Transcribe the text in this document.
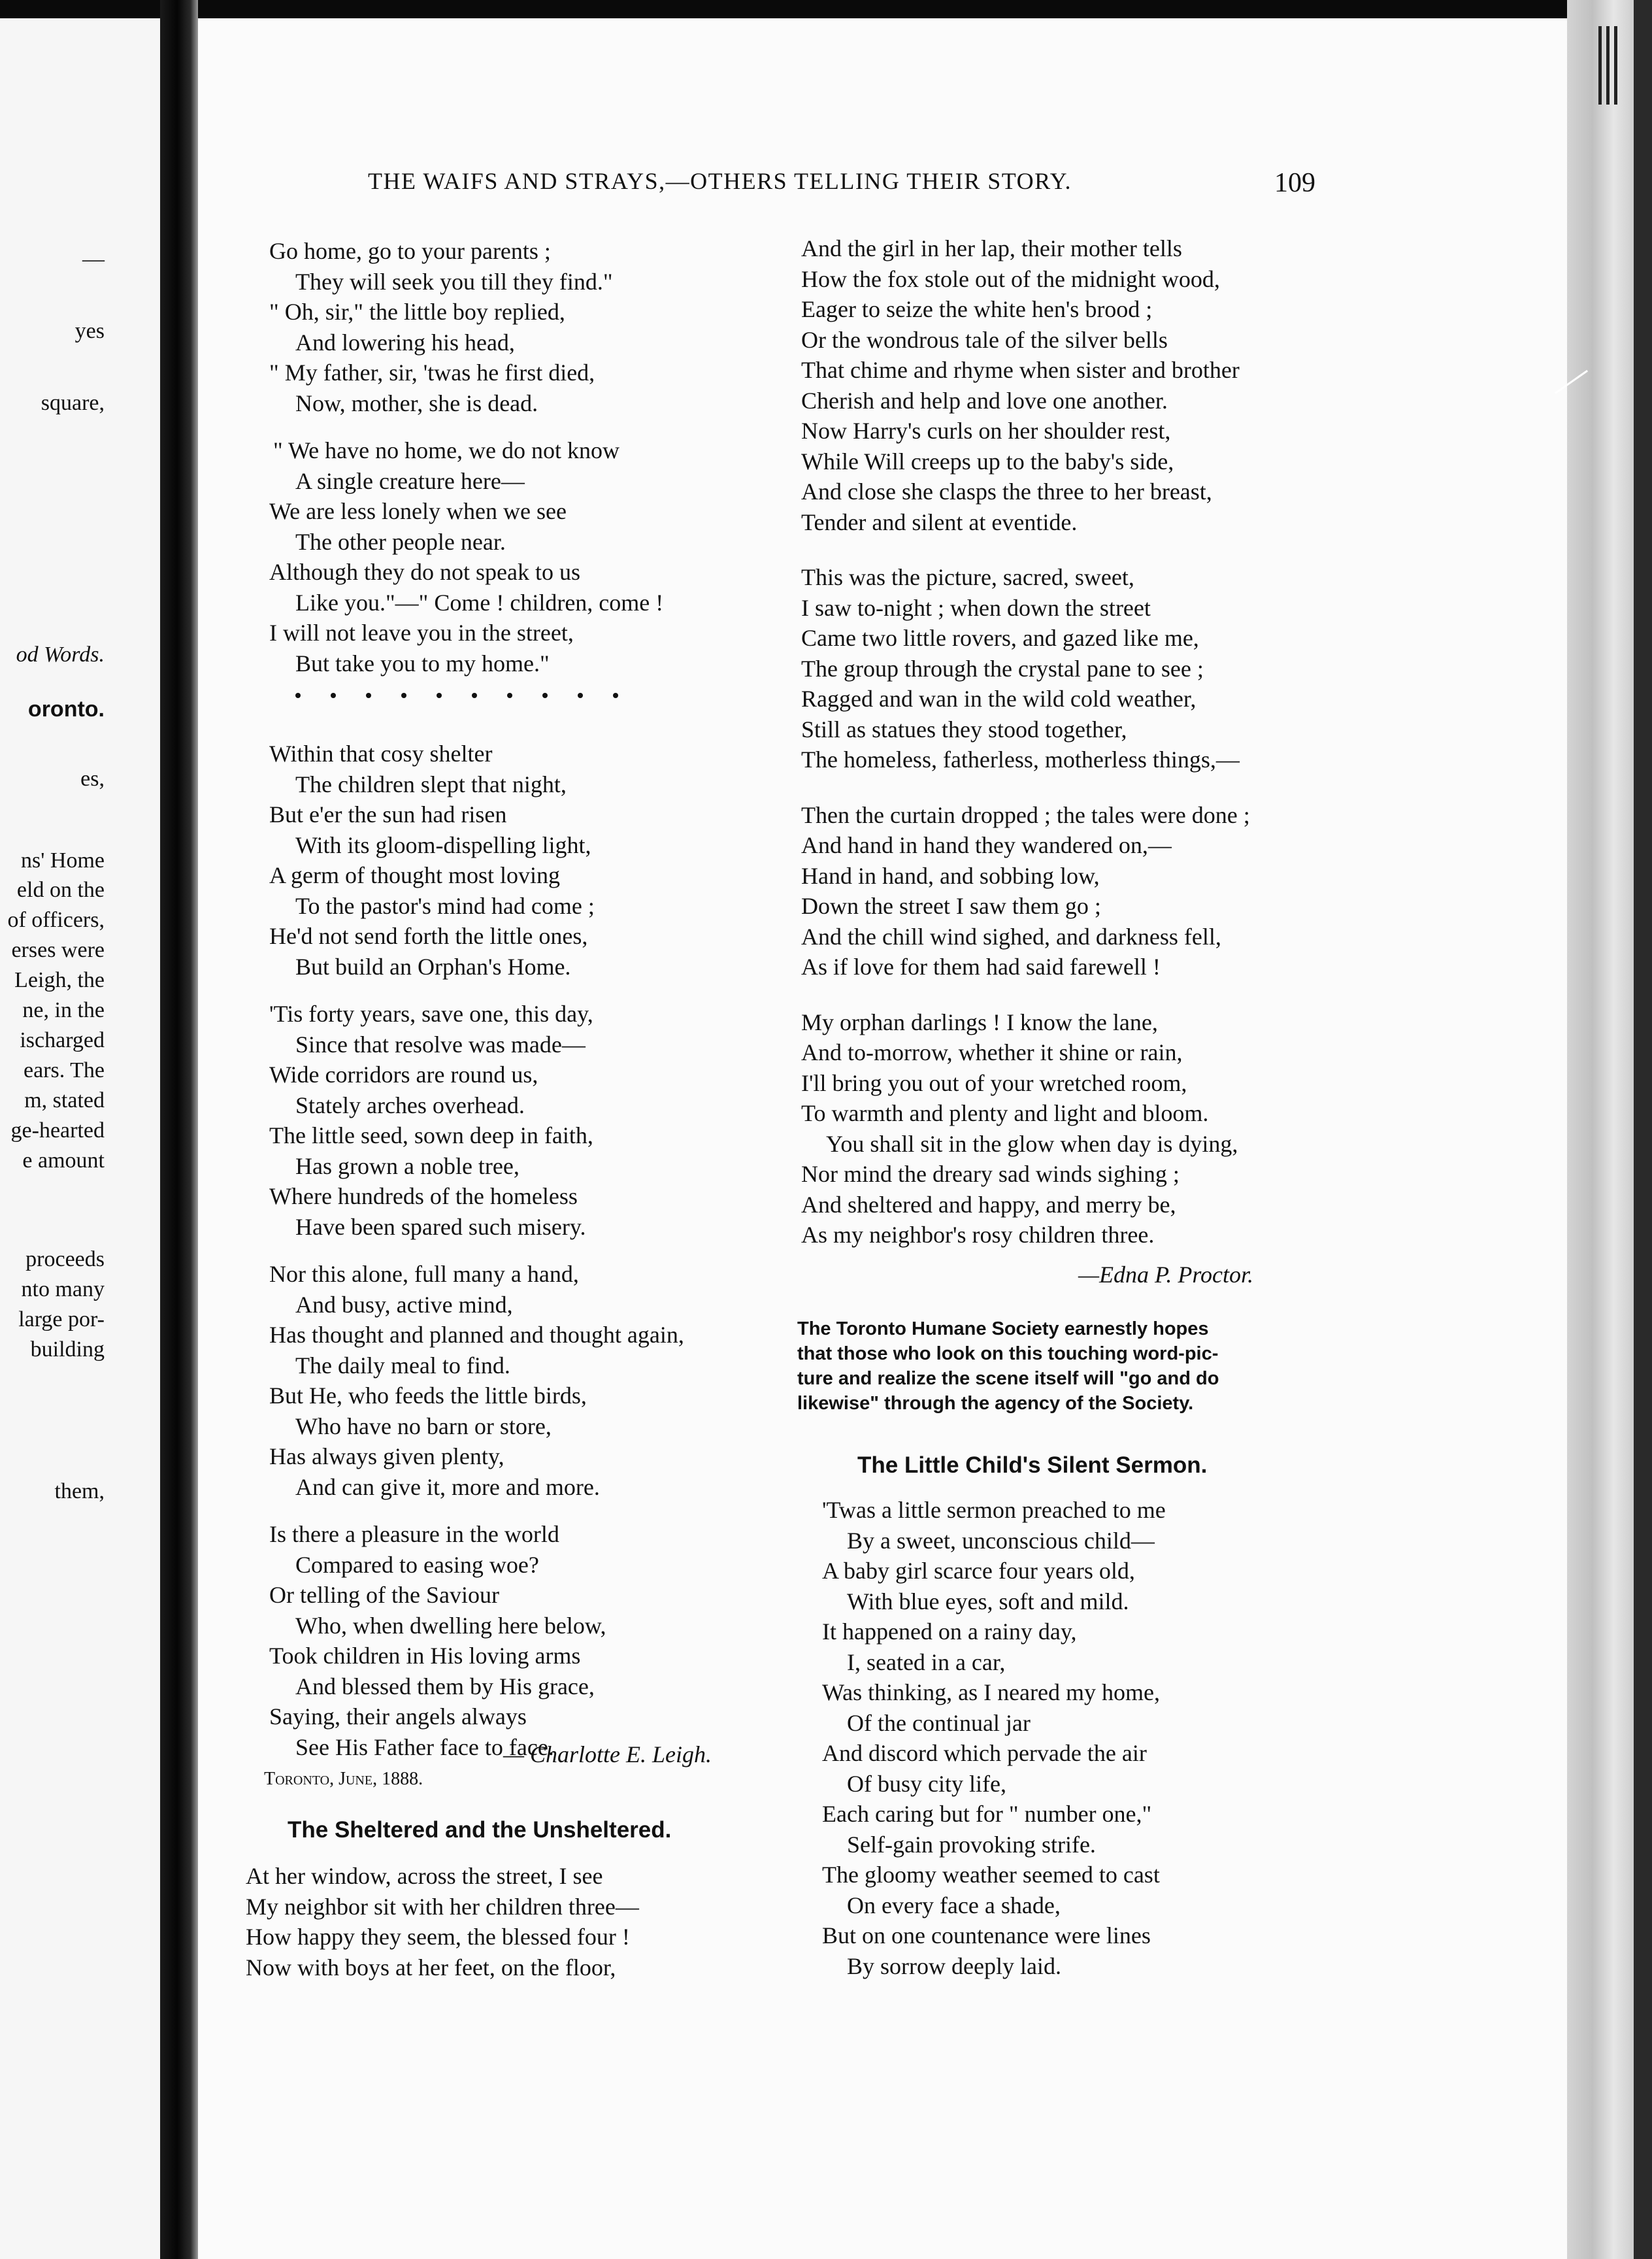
—
yes
square,
od Words.
oronto.
es,
ns' Home
eld on the
of officers,
erses were
Leigh, the
ne, in the
ischarged
ears. The
m, stated
ge-hearted
e amount
proceeds
nto many
large por-
building
them,
THE WAIFS AND STRAYS,—OTHERS TELLING THEIR STORY.	109
Go home, go to your parents ;
They will seek you till they find."
" Oh, sir," the little boy replied,
And lowering his head,
" My father, sir, 'twas he first died,
Now, mother, she is dead.
" We have no home, we do not know
A single creature here—
We are less lonely when we see
The other people near.
Although they do not speak to us
Like you."—" Come ! children, come !
I will not leave you in the street,
But take you to my home."
Within that cosy shelter
The children slept that night,
But e'er the sun had risen
With its gloom-dispelling light,
A germ of thought most loving
To the pastor's mind had come ;
He'd not send forth the little ones,
But build an Orphan's Home.
'Tis forty years, save one, this day,
Since that resolve was made—
Wide corridors are round us,
Stately arches overhead.
The little seed, sown deep in faith,
Has grown a noble tree,
Where hundreds of the homeless
Have been spared such misery.
Nor this alone, full many a hand,
And busy, active mind,
Has thought and planned and thought again,
The daily meal to find.
But He, who feeds the little birds,
Who have no barn or store,
Has always given plenty,
And can give it, more and more.
Is there a pleasure in the world
Compared to easing woe?
Or telling of the Saviour
Who, when dwelling here below,
Took children in His loving arms
And blessed them by His grace,
Saying, their angels always
See His Father face to face.
— Charlotte E. Leigh.
Toronto, June, 1888.
The Sheltered and the Unsheltered.
At her window, across the street, I see
My neighbor sit with her children three—
How happy they seem, the blessed four !
Now with boys at her feet, on the floor,
And the girl in her lap, their mother tells
How the fox stole out of the midnight wood,
Eager to seize the white hen's brood ;
Or the wondrous tale of the silver bells
That chime and rhyme when sister and brother
Cherish and help and love one another.
Now Harry's curls on her shoulder rest,
While Will creeps up to the baby's side,
And close she clasps the three to her breast,
Tender and silent at eventide.
This was the picture, sacred, sweet,
I saw to-night ; when down the street
Came two little rovers, and gazed like me,
The group through the crystal pane to see ;
Ragged and wan in the wild cold weather,
Still as statues they stood together,
The homeless, fatherless, motherless things,—
Then the curtain dropped ; the tales were done ;
And hand in hand they wandered on,—
Hand in hand, and sobbing low,
Down the street I saw them go ;
And the chill wind sighed, and darkness fell,
As if love for them had said farewell !
My orphan darlings ! I know the lane,
And to-morrow, whether it shine or rain,
I'll bring you out of your wretched room,
To warmth and plenty and light and bloom.
You shall sit in the glow when day is dying,
Nor mind the dreary sad winds sighing ;
And sheltered and happy, and merry be,
As my neighbor's rosy children three.
—Edna P. Proctor.
The Toronto Humane Society earnestly hopes
that those who look on this touching word-pic-
ture and realize the scene itself will "go and do
likewise" through the agency of the Society.
The Little Child's Silent Sermon.
'Twas a little sermon preached to me
By a sweet, unconscious child—
A baby girl scarce four years old,
With blue eyes, soft and mild.
It happened on a rainy day,
I, seated in a car,
Was thinking, as I neared my home,
Of the continual jar
And discord which pervade the air
Of busy city life,
Each caring but for " number one,"
Self-gain provoking strife.
The gloomy weather seemed to cast
On every face a shade,
But on one countenance were lines
By sorrow deeply laid.
